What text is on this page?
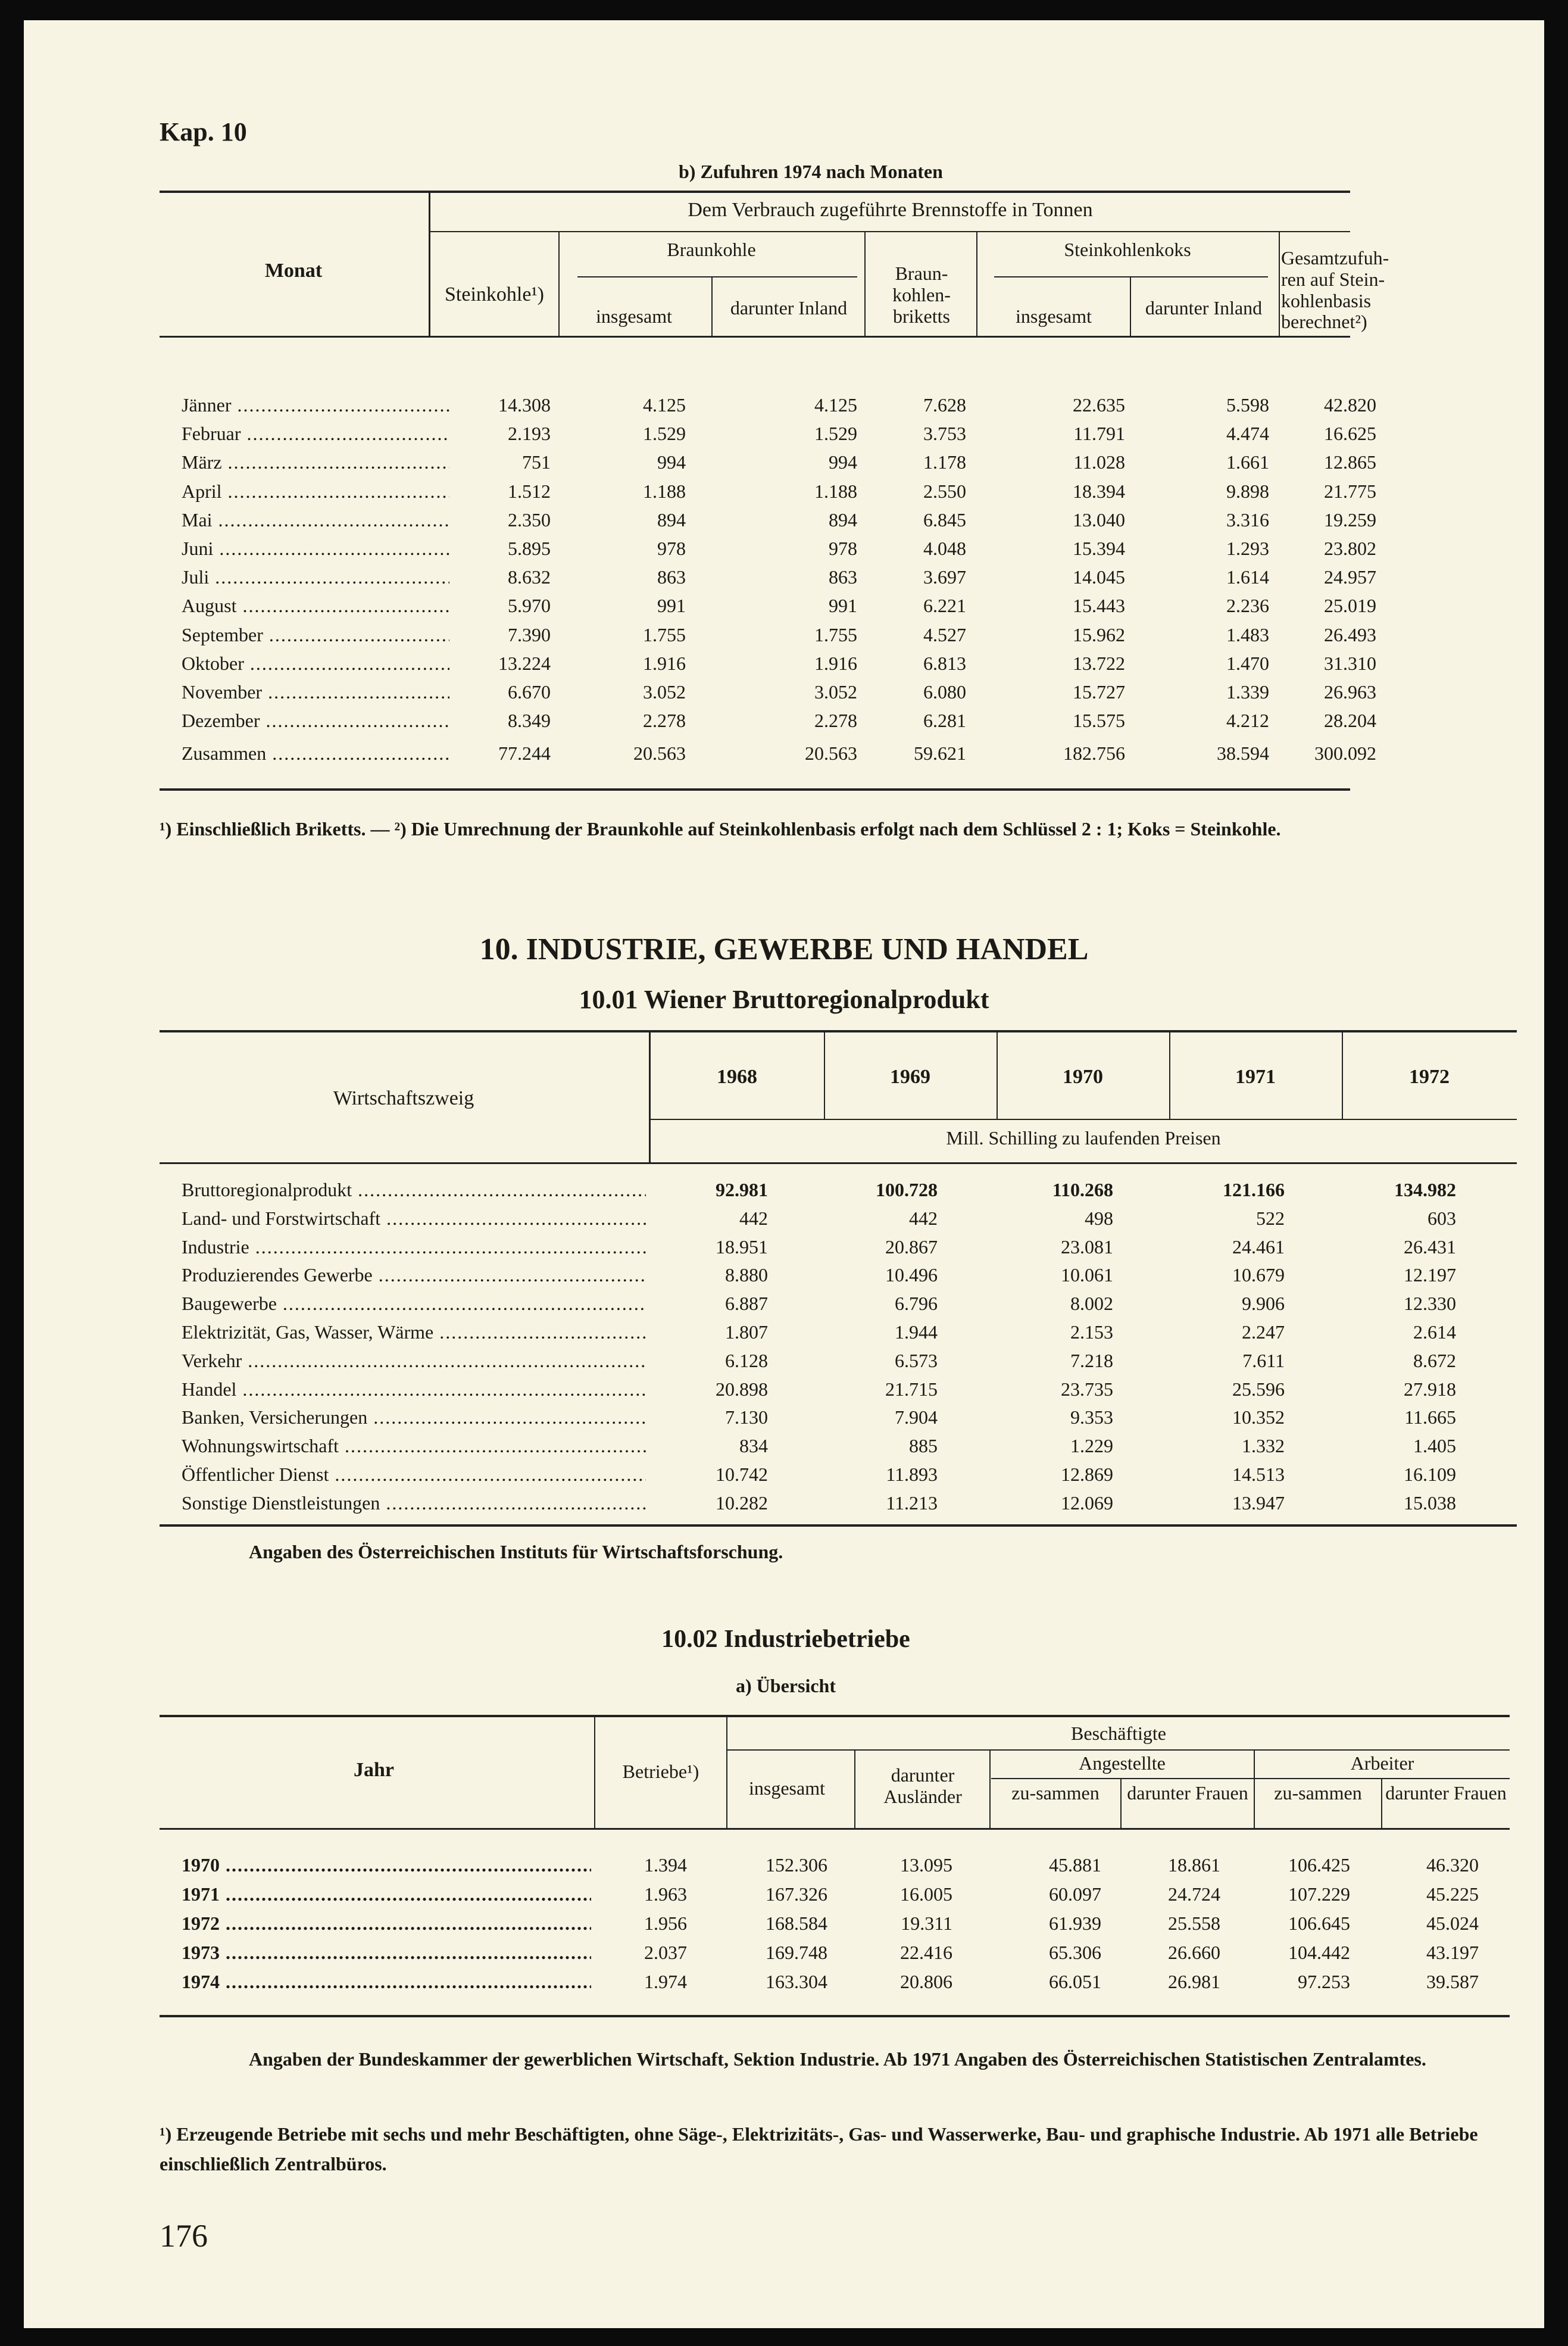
Kap. 10
b) Zufuhren 1974 nach Monaten
Dem Verbrauch zugeführte Brennstoffe in Tonnen
Monat
Steinkohle¹)
Braunkohle
insgesamt	darunter Inland
Braun-kohlen-briketts
Steinkohlenkoks
insgesamt	darunter Inland
Gesamtzufuh-ren auf Stein-kohlenbasis berechnet²)
Jänner .....	14.308	4.125	4.125	7.628	22.635	5.598	42.820
Februar .....	2.193	1.529	1.529	3.753	11.791	4.474	16.625
März .....	751	994	994	1.178	11.028	1.661	12.865
April .....	1.512	1.188	1.188	2.550	18.394	9.898	21.775
Mai .....	2.350	894	894	6.845	13.040	3.316	19.259
Juni .....	5.895	978	978	4.048	15.394	1.293	23.802
Juli .....	8.632	863	863	3.697	14.045	1.614	24.957
August .....	5.970	991	991	6.221	15.443	2.236	25.019
September .....	7.390	1.755	1.755	4.527	15.962	1.483	26.493
Oktober .....	13.224	1.916	1.916	6.813	13.722	1.470	31.310
November .....	6.670	3.052	3.052	6.080	15.727	1.339	26.963
Dezember .....	8.349	2.278	2.278	6.281	15.575	4.212	28.204
Zusammen .....	77.244	20.563	20.563	59.621	182.756	38.594	300.092
¹) Einschließlich Briketts. — ²) Die Umrechnung der Braunkohle auf Steinkohlenbasis erfolgt nach dem Schlüssel 2 : 1; Koks = Steinkohle.
10. INDUSTRIE, GEWERBE UND HANDEL
10.01 Wiener Bruttoregionalprodukt
Wirtschaftszweig
1968	1969	1970	1971	1972
Mill. Schilling zu laufenden Preisen
Bruttoregionalprodukt .....	92.981	100.728	110.268	121.166	134.982
Land- und Forstwirtschaft .....	442	442	498	522	603
Industrie .....	18.951	20.867	23.081	24.461	26.431
Produzierendes Gewerbe .....	8.880	10.496	10.061	10.679	12.197
Baugewerbe .....	6.887	6.796	8.002	9.906	12.330
Elektrizität, Gas, Wasser, Wärme .....	1.807	1.944	2.153	2.247	2.614
Verkehr .....	6.128	6.573	7.218	7.611	8.672
Handel .....	20.898	21.715	23.735	25.596	27.918
Banken, Versicherungen .....	7.130	7.904	9.353	10.352	11.665
Wohnungswirtschaft .....	834	885	1.229	1.332	1.405
Öffentlicher Dienst .....	10.742	11.893	12.869	14.513	16.109
Sonstige Dienstleistungen .....	10.282	11.213	12.069	13.947	15.038
Angaben des Österreichischen Instituts für Wirtschaftsforschung.
10.02 Industriebetriebe
a) Übersicht
Jahr	Betriebe¹)
Beschäftigte
insgesamt
darunter Ausländer
Angestellte	Arbeiter
zu-sammen	darunter Frauen	zu-sammen	darunter Frauen
1970 .....	1.394	152.306	13.095	45.881	18.861	106.425	46.320
1971 .....	1.963	167.326	16.005	60.097	24.724	107.229	45.225
1972 .....	1.956	168.584	19.311	61.939	25.558	106.645	45.024
1973 .....	2.037	169.748	22.416	65.306	26.660	104.442	43.197
1974 .....	1.974	163.304	20.806	66.051	26.981	97.253	39.587
Angaben der Bundeskammer der gewerblichen Wirtschaft, Sektion Industrie. Ab 1971 Angaben des Österreichischen Statistischen Zentralamtes.
¹) Erzeugende Betriebe mit sechs und mehr Beschäftigten, ohne Säge-, Elektrizitäts-, Gas- und Wasserwerke, Bau- und graphische Industrie. Ab 1971 alle Betriebe einschließlich Zentralbüros.
176
